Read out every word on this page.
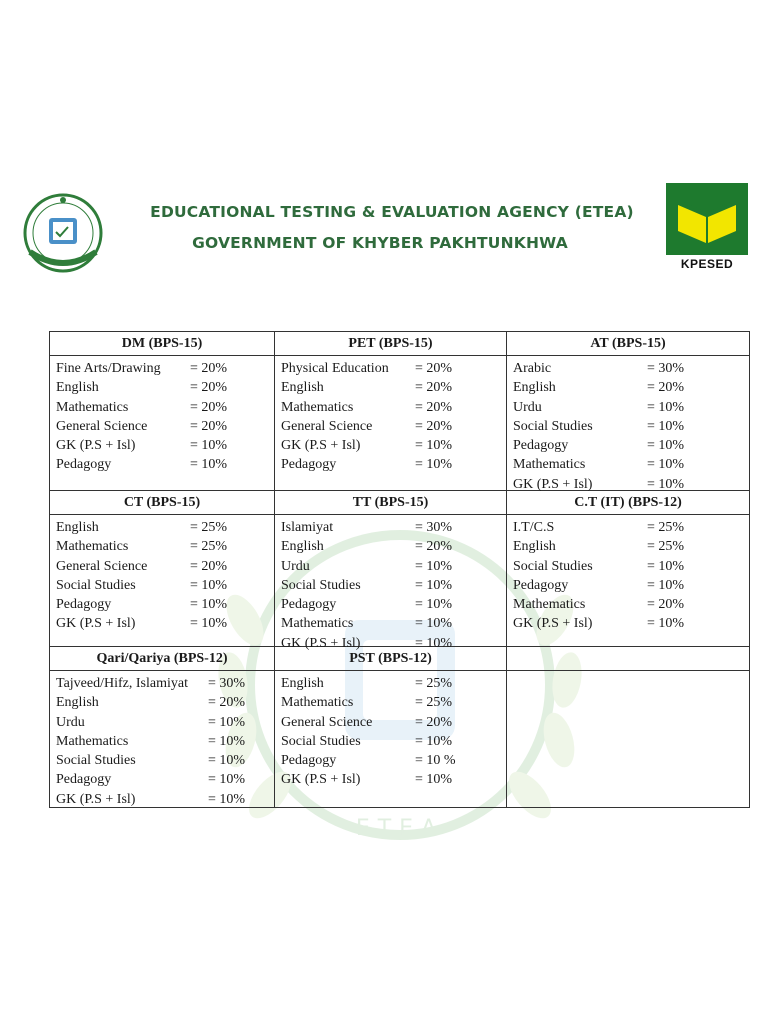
ETEA
EDUCATIONAL TESTING & EVALUATION AGENCY (ETEA)
GOVERNMENT OF KHYBER PAKHTUNKHWA
KPESED
DM (BPS-15)
Fine Arts/Drawing = 20%
English	= 20%
Mathematics	= 20%
General Science	= 20%
GK (P.S + Isl)	= 10%
Pedagogy	= 10%
PET (BPS-15)
Physical Education = 20%
English	= 20%
Mathematics	= 20%
General Science	= 20%
GK (P.S + Isl)	= 10%
Pedagogy	= 10%
AT (BPS-15)
Arabic	= 30%
English	= 20%
Urdu	= 10%
Social Studies	= 10%
Pedagogy	= 10%
Mathematics	= 10%
GK (P.S + Isl)	= 10%
CT (BPS-15)
English	= 25%
Mathematics	= 25%
General Science	= 20%
Social Studies	= 10%
Pedagogy	= 10%
GK (P.S + Isl)	= 10%
TT (BPS-15)
Islamiyat	= 30%
English	= 20%
Urdu	= 10%
Social Studies	= 10%
Pedagogy	= 10%
Mathematics	= 10%
GK (P.S + Isl)	= 10%
C.T (IT) (BPS-12)
I.T/C.S	= 25%
English	= 25%
Social Studies	= 10%
Pedagogy	= 10%
Mathematics	= 20%
GK (P.S + Isl)	= 10%
Qari/Qariya (BPS-12)
Tajveed/Hifz, Islamiyat = 30%
English	= 20%
Urdu	= 10%
Mathematics	= 10%
Social Studies	= 10%
Pedagogy	= 10%
GK (P.S + Isl)	= 10%
PST (BPS-12)
English	= 25%
Mathematics	= 25%
General Science	= 20%
Social Studies	= 10%
Pedagogy	= 10 %
GK (P.S + Isl)	= 10%
